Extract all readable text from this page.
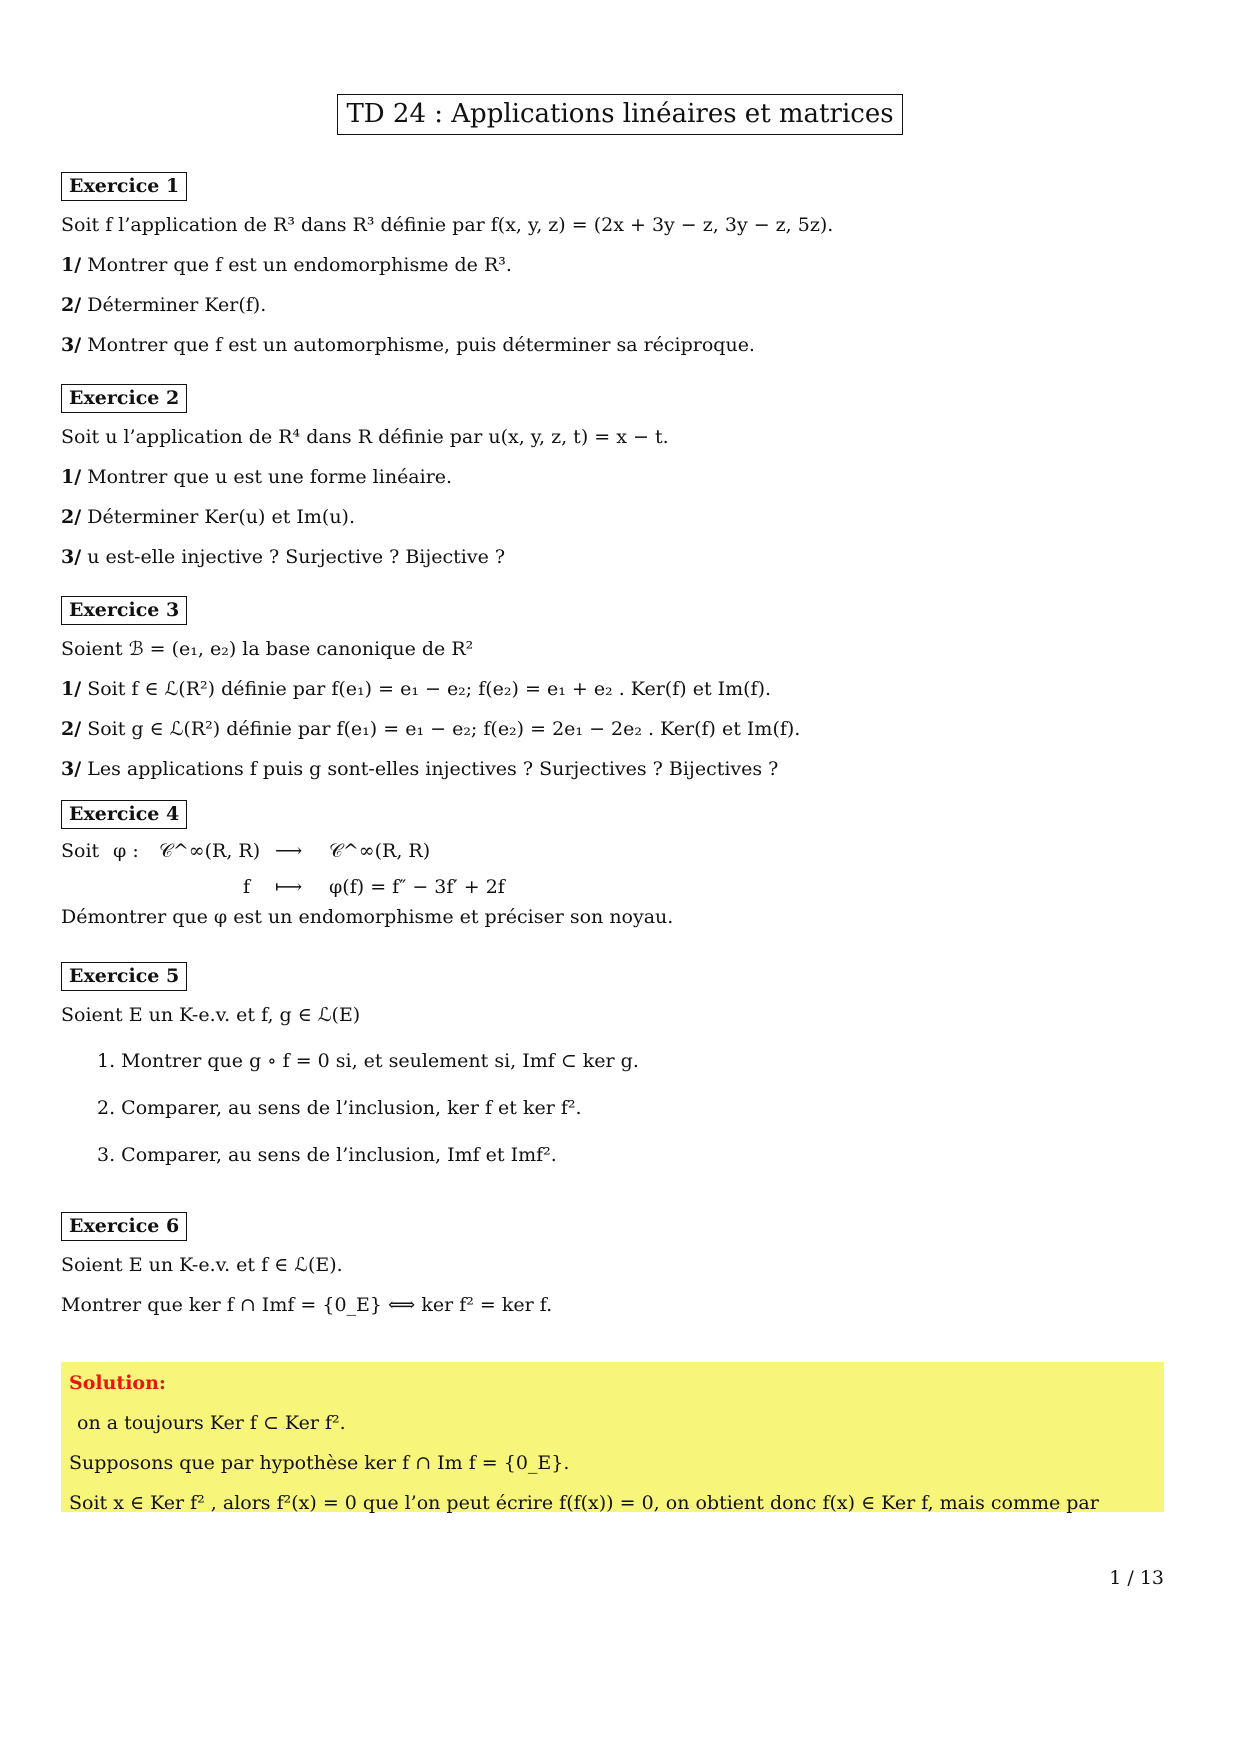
TD 24 : Applications linéaires et matrices
Exercice 1
Soit f l’application de R³ dans R³ définie par f(x, y, z) = (2x + 3y − z, 3y − z, 5z).
1/ Montrer que f est un endomorphisme de R³.
2/ Déterminer Ker(f).
3/ Montrer que f est un automorphisme, puis déterminer sa réciproque.
Exercice 2
Soit u l’application de R⁴ dans R définie par u(x, y, z, t) = x − t.
1/ Montrer que u est une forme linéaire.
2/ Déterminer Ker(u) et Im(u).
3/ u est-elle injective ? Surjective ? Bijective ?
Exercice 3
Soient ℬ = (e₁, e₂) la base canonique de R²
1/ Soit f ∈ ℒ(R²) définie par f(e₁) = e₁ − e₂; f(e₂) = e₁ + e₂ . Ker(f) et Im(f).
2/ Soit g ∈ ℒ(R²) définie par f(e₁) = e₁ − e₂; f(e₂) = 2e₁ − 2e₂ . Ker(f) et Im(f).
3/ Les applications f puis g sont-elles injectives ? Surjectives ? Bijectives ?
Exercice 4
Soit φ : 𝒞^∞(R, R) ⟶ 𝒞^∞(R, R)
f ⟼ φ(f) = f″ − 3f′ + 2f
Démontrer que φ est un endomorphisme et préciser son noyau.
Exercice 5
Soient E un K-e.v. et f, g ∈ ℒ(E)
1. Montrer que g ∘ f = 0 si, et seulement si, Imf ⊂ ker g.
2. Comparer, au sens de l’inclusion, ker f et ker f².
3. Comparer, au sens de l’inclusion, Imf et Imf².
Exercice 6
Soient E un K-e.v. et f ∈ ℒ(E).
Montrer que ker f ∩ Imf = {0_E} ⟺ ker f² = ker f.
Solution:
on a toujours Ker f ⊂ Ker f².
Supposons que par hypothèse ker f ∩ Im f = {0_E}.
Soit x ∈ Ker f² , alors f²(x) = 0 que l’on peut écrire f(f(x)) = 0, on obtient donc f(x) ∈ Ker f, mais comme par
1 / 13
